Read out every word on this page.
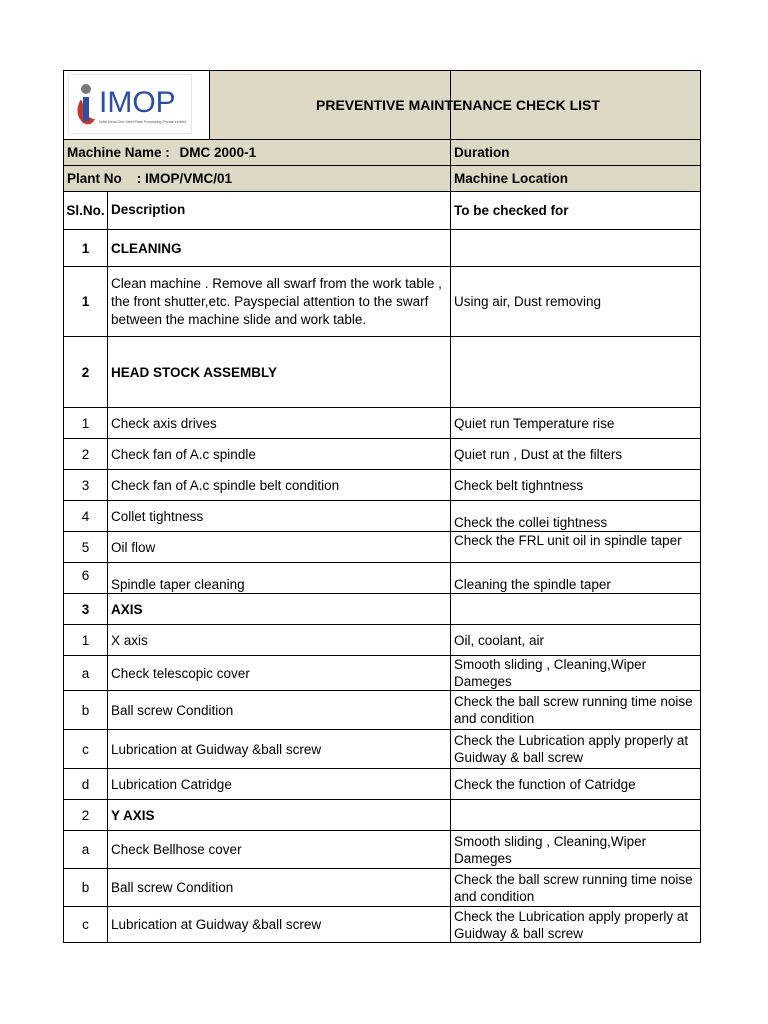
IMOP
India Metal One Steel Plate Processing Private Limited		PREVENTIVE MAINTENANCE CHECK LIST
Machine Name : DMC 2000-1		Duration
Plant No : IMOP/VMC/01		Machine Location
Sl.No.	Description	To be checked for
1	CLEANING	
1	Clean machine . Remove all swarf from the work table , the front shutter,etc. Payspecial attention to the swarf between the machine slide and work table.	Using air, Dust removing
2	HEAD STOCK ASSEMBLY	
1	Check axis drives	Quiet run Temperature rise
2	Check fan of A.c spindle	Quiet run , Dust at the filters
3	Check fan of A.c spindle belt condition	Check belt tighntness
4	Collet tightness	Check the collei tightness
5	Oil flow	Check the FRL unit oil in spindle taper
6	Spindle taper cleaning	Cleaning the spindle taper
3	AXIS	
1	X axis	Oil, coolant, air
a	Check telescopic cover	Smooth sliding , Cleaning,Wiper Dameges
b	Ball screw Condition	Check the ball screw running time noise and condition
c	Lubrication at Guidway &ball screw	Check the Lubrication apply properly at Guidway & ball screw
d	Lubrication Catridge	Check the function of Catridge
2	Y AXIS	
a	Check Bellhose cover	Smooth sliding , Cleaning,Wiper Dameges
b	Ball screw Condition	Check the ball screw running time noise and condition
c	Lubrication at Guidway &ball screw	Check the Lubrication apply properly at Guidway & ball screw
